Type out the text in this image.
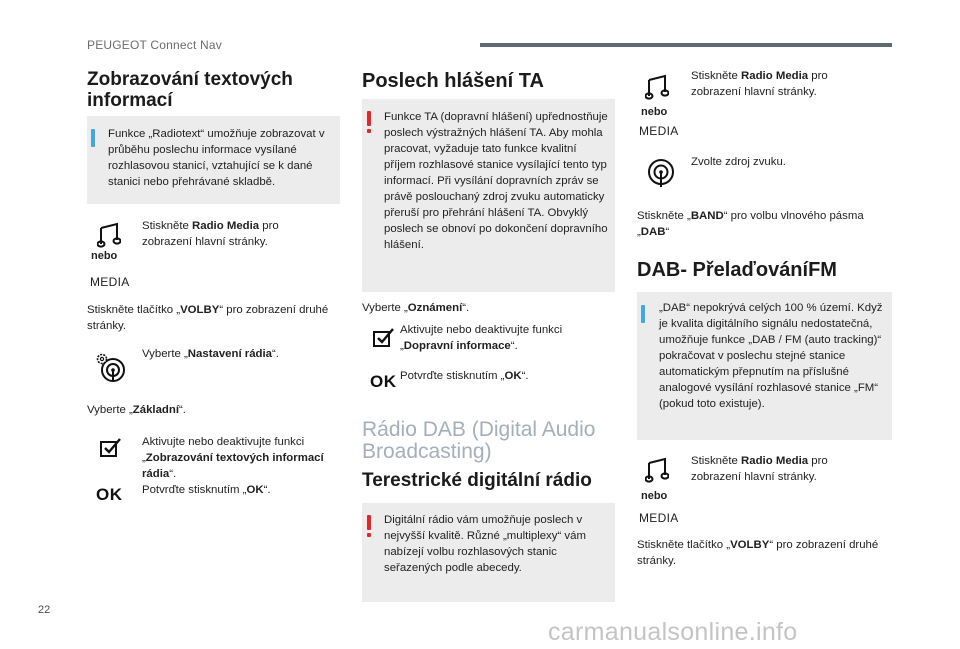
PEUGEOT Connect Nav
Zobrazování textových informací
Funkce „Radiotext“ umožňuje zobrazovat v průběhu poslechu informace vysílané rozhlasovou stanicí, vztahující se k dané stanici nebo přehrávané skladbě.
nebo
MEDIA
Stiskněte Radio Media pro zobrazení hlavní stránky.
Stiskněte tlačítko „VOLBY“ pro zobrazení druhé stránky.
Vyberte „Nastavení rádia“.
Vyberte „Základní“.
Aktivujte nebo deaktivujte funkci „Zobrazování textových informací rádia“.
OK Potvrďte stisknutím „OK“.
Poslech hlášení TA
Funkce TA (dopravní hlášení) upřednostňuje poslech výstražných hlášení TA. Aby mohla pracovat, vyžaduje tato funkce kvalitní příjem rozhlasové stanice vysílající tento typ informací. Při vysílání dopravních zpráv se právě poslouchaný zdroj zvuku automaticky přeruší pro přehrání hlášení TA. Obvyklý poslech se obnoví po dokončení dopravního hlášení.
Vyberte „Oznámení“.
Aktivujte nebo deaktivujte funkci „Dopravní informace“.
OK Potvrďte stisknutím „OK“.
Rádio DAB (Digital Audio Broadcasting)
Terestrické digitální rádio
Digitální rádio vám umožňuje poslech v nejvyšší kvalitě. Různé „multiplexy“ vám nabízejí volbu rozhlasových stanic seřazených podle abecedy.
nebo
MEDIA
Stiskněte Radio Media pro zobrazení hlavní stránky.
Zvolte zdroj zvuku.
Stiskněte „BAND“ pro volbu vlnového pásma „DAB“
DAB- PřelaďováníFM
„DAB“ nepokrývá celých 100 % území. Když je kvalita digitálního signálu nedostatečná, umožňuje funkce „DAB / FM (auto tracking)“ pokračovat v poslechu stejné stanice automatickým přepnutím na příslušné analogové vysílání rozhlasové stanice „FM“ (pokud toto existuje).
nebo
MEDIA
Stiskněte Radio Media pro zobrazení hlavní stránky.
Stiskněte tlačítko „VOLBY“ pro zobrazení druhé stránky.
22
carmanualsonline.info
